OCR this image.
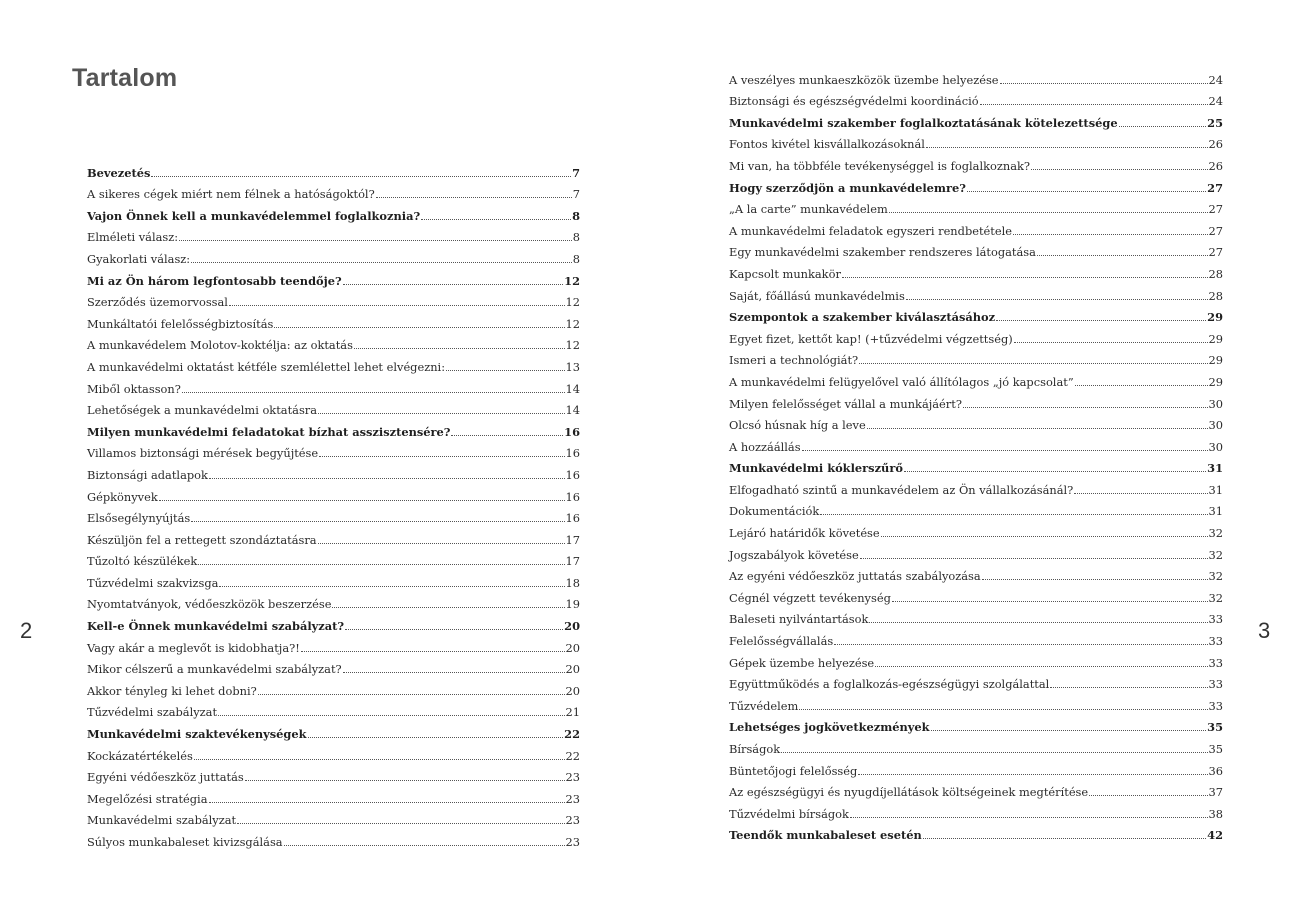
Tartalom
Bevezetés	7
A sikeres cégek miért nem félnek a hatóságoktól?	7
Vajon Önnek kell a munkavédelemmel foglalkoznia?	8
Elméleti válasz:	8
Gyakorlati válasz:	8
Mi az Ön három legfontosabb teendője?	12
Szerződés üzemorvossal	12
Munkáltatói felelősségbiztosítás	12
A munkavédelem Molotov-koktélja: az oktatás	12
A munkavédelmi oktatást kétféle szemlélettel lehet elvégezni:	13
Miből oktasson?	14
Lehetőségek a munkavédelmi oktatásra	14
Milyen munkavédelmi feladatokat bízhat asszisztensére?	16
Villamos biztonsági mérések begyűjtése	16
Biztonsági adatlapok	16
Gépkönyvek	16
Elsősegélynyújtás	16
Készüljön fel a rettegett szondáztatásra	17
Tűzoltó készülékek	17
Tűzvédelmi szakvizsga	18
Nyomtatványok, védőeszközök beszerzése	19
Kell-e Önnek munkavédelmi szabályzat?	20
Vagy akár a meglevőt is kidobhatja?!	20
Mikor célszerű a munkavédelmi szabályzat?	20
Akkor tényleg ki lehet dobni?	20
Tűzvédelmi szabályzat	21
Munkavédelmi szaktevékenységek	22
Kockázatértékelés	22
Egyéni védőeszköz juttatás	23
Megelőzési stratégia	23
Munkavédelmi szabályzat	23
Súlyos munkabaleset kivizsgálása	23
A veszélyes munkaeszközök üzembe helyezése	24
Biztonsági és egészségvédelmi koordináció	24
Munkavédelmi szakember foglalkoztatásának kötelezettsége	25
Fontos kivétel kisvállalkozásoknál	26
Mi van, ha többféle tevékenységgel is foglalkoznak?	26
Hogy szerződjön a munkavédelemre?	27
„A la carte” munkavédelem	27
A munkavédelmi feladatok egyszeri rendbetétele	27
Egy munkavédelmi szakember rendszeres látogatása	27
Kapcsolt munkakör	28
Saját, főállású munkavédelmis	28
Szempontok a szakember kiválasztásához	29
Egyet fizet, kettőt kap! (+tűzvédelmi végzettség)	29
Ismeri a technológiát?	29
A munkavédelmi felügyelővel való állítólagos „jó kapcsolat”	29
Milyen felelősséget vállal a munkájáért?	30
Olcsó húsnak híg a leve	30
A hozzáállás	30
Munkavédelmi kóklerszűrő	31
Elfogadható szintű a munkavédelem az Ön vállalkozásánál?	31
Dokumentációk	31
Lejáró határidők követése	32
Jogszabályok követése	32
Az egyéni védőeszköz juttatás szabályozása	32
Cégnél végzett tevékenység	32
Baleseti nyilvántartások	33
Felelősségvállalás	33
Gépek üzembe helyezése	33
Együttműködés a foglalkozás-egészségügyi szolgálattal	33
Tűzvédelem	33
Lehetséges jogkövetkezmények	35
Bírságok	35
Büntetőjogi felelősség	36
Az egészségügyi és nyugdíjellátások költségeinek megtérítése	37
Tűzvédelmi bírságok	38
Teendők munkabaleset esetén	42
2	3
